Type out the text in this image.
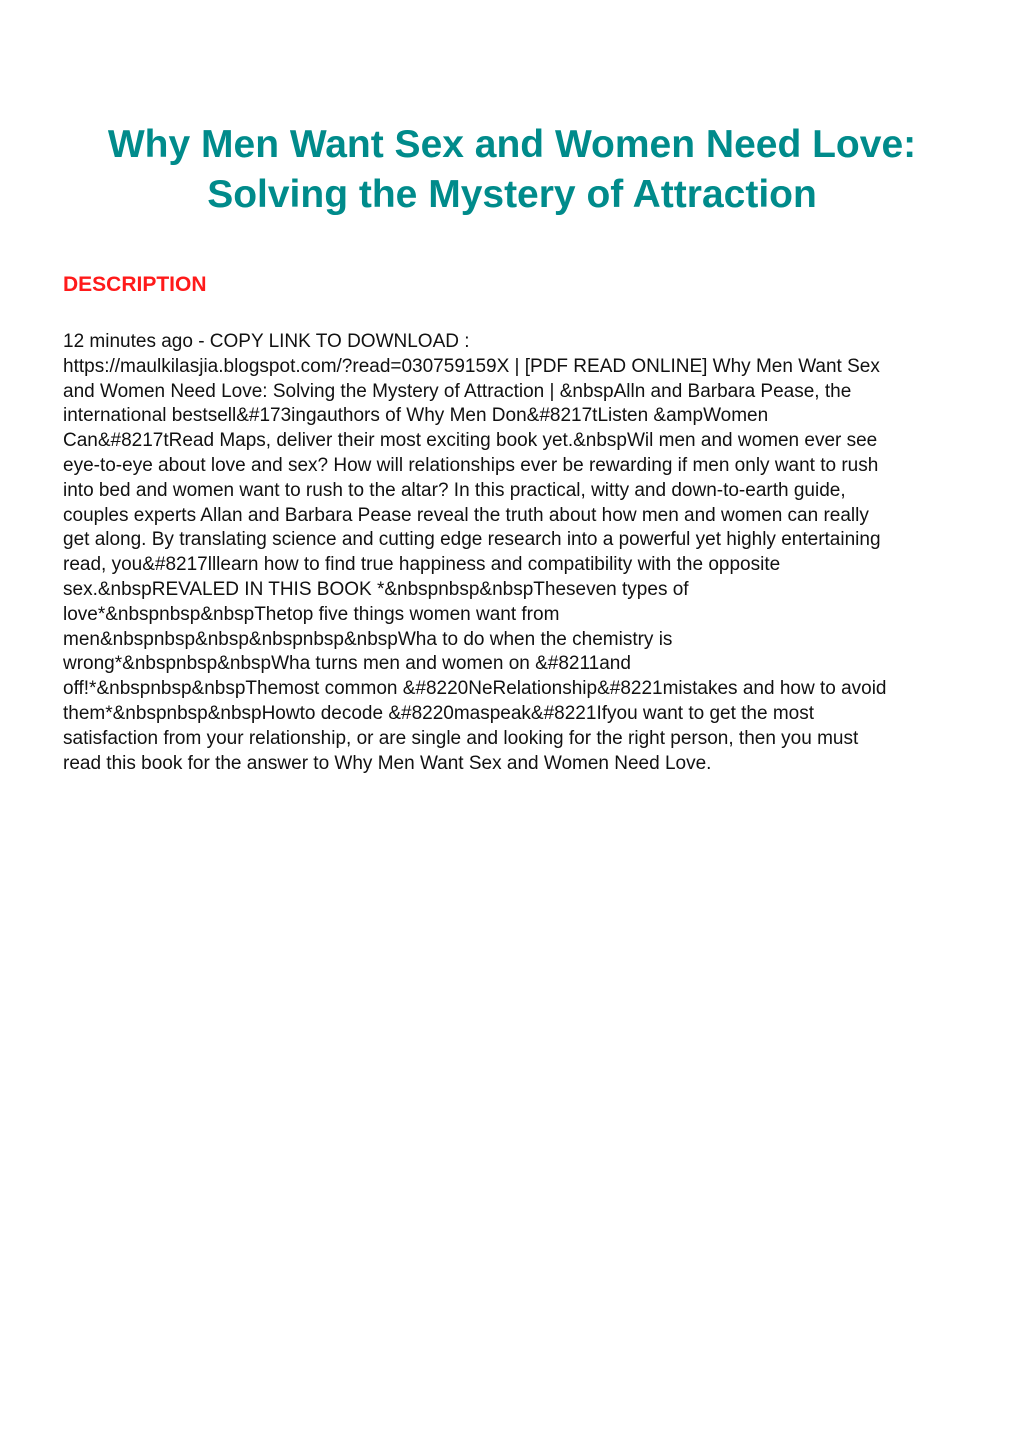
Why Men Want Sex and Women Need Love:
Solving the Mystery of Attraction
DESCRIPTION
12 minutes ago - COPY LINK TO DOWNLOAD :
https://maulkilasjia.blogspot.com/?read=030759159X | [PDF READ ONLINE] Why Men Want Sex
and Women Need Love: Solving the Mystery of Attraction | &nbspAlln and Barbara Pease, the
international bestsell&#173ingauthors of Why Men Don&#8217tListen &ampWomen
Can&#8217tRead Maps, deliver their most exciting book yet.&nbspWil men and women ever see
eye-to-eye about love and sex? How will relationships ever be rewarding if men only want to rush
into bed and women want to rush to the altar? In this practical, witty and down-to-earth guide,
couples experts Allan and Barbara Pease reveal the truth about how men and women can really
get along. By translating science and cutting edge research into a powerful yet highly entertaining
read, you&#8217lllearn how to find true happiness and compatibility with the opposite
sex.&nbspREVALED IN THIS BOOK *&nbspnbsp&nbspTheseven types of
love*&nbspnbsp&nbspThetop five things women want from
men&nbspnbsp&nbsp&nbspnbsp&nbspWha to do when the chemistry is
wrong*&nbspnbsp&nbspWha turns men and women on &#8211and
off!*&nbspnbsp&nbspThemost common &#8220NeRelationship&#8221mistakes and how to avoid
them*&nbspnbsp&nbspHowto decode &#8220maspeak&#8221Ifyou want to get the most
satisfaction from your relationship, or are single and looking for the right person, then you must
read this book for the answer to Why Men Want Sex and Women Need Love.
